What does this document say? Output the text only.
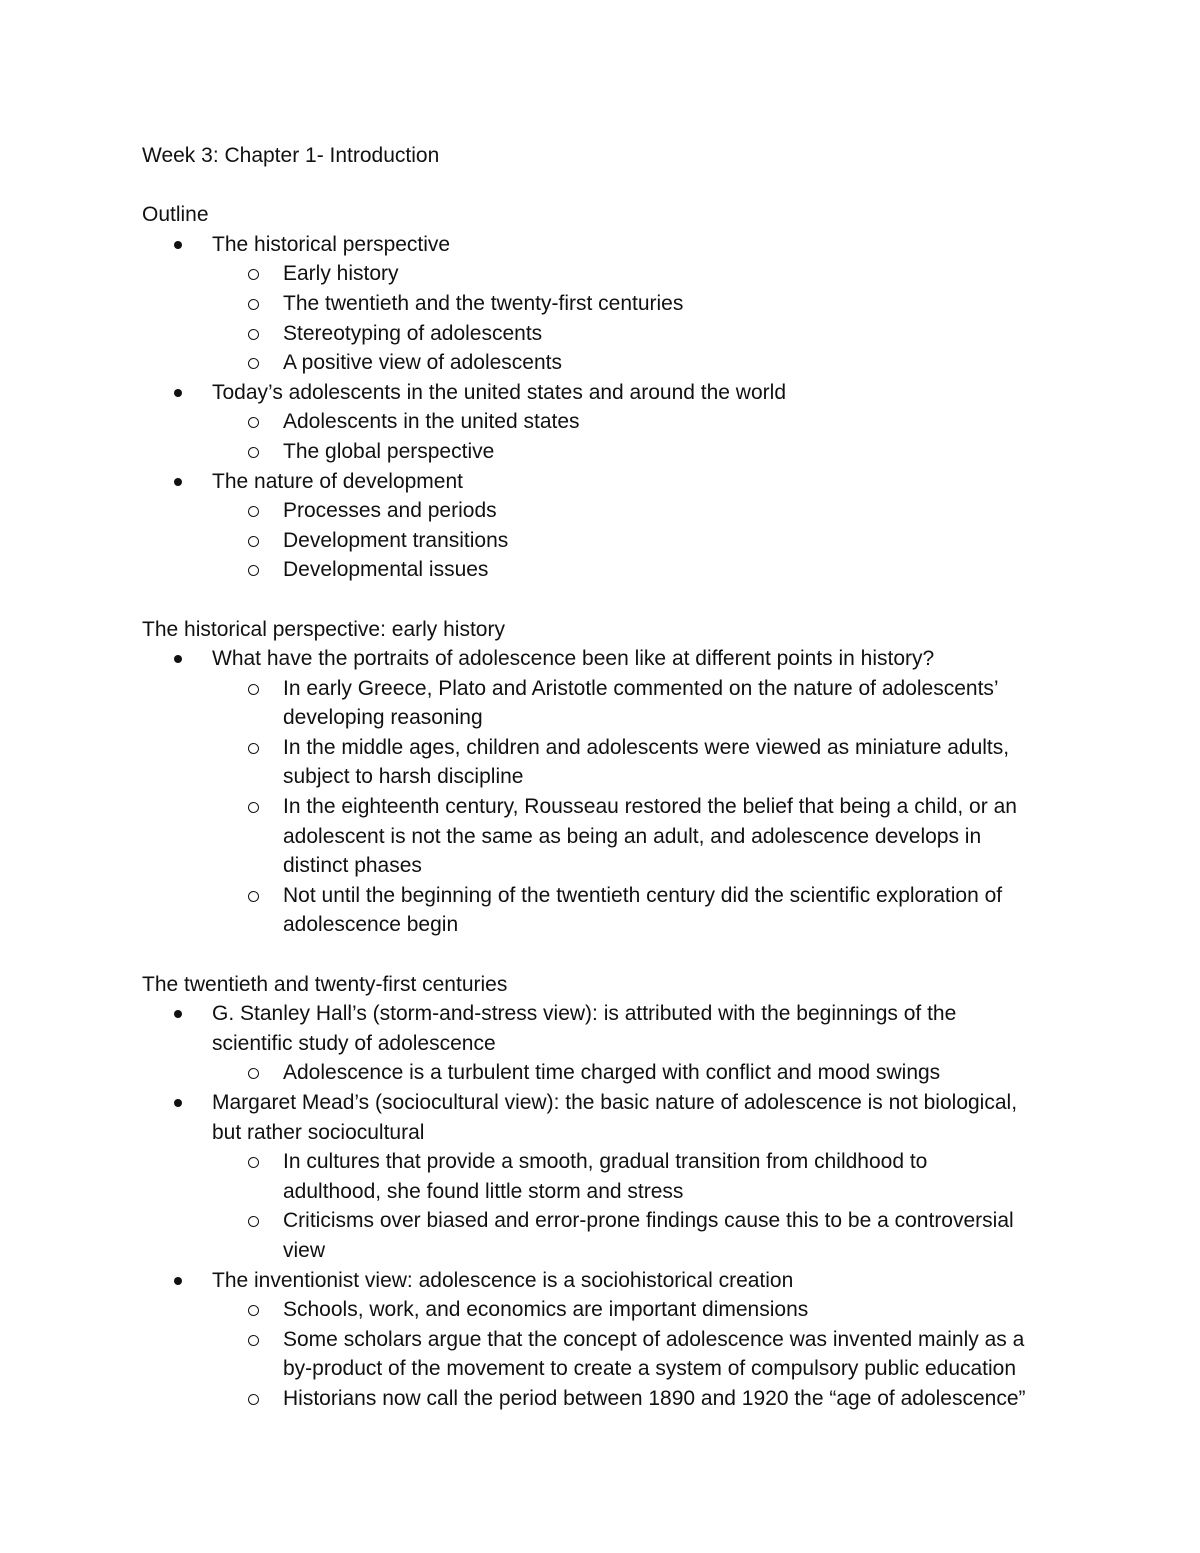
Week 3: Chapter 1- Introduction

Outline

The historical perspective
Early history
The twentieth and the twenty-first centuries
Stereotyping of adolescents
A positive view of adolescents
Today’s adolescents in the united states and around the world
Adolescents in the united states
The global perspective
The nature of development
Processes and periods
Development transitions
Developmental issues

The historical perspective: early history

What have the portraits of adolescence been like at different points in history?
In early Greece, Plato and Aristotle commented on the nature of adolescents’
developing reasoning
In the middle ages, children and adolescents were viewed as miniature adults,
subject to harsh discipline
In the eighteenth century, Rousseau restored the belief that being a child, or an
adolescent is not the same as being an adult, and adolescence develops in
distinct phases
Not until the beginning of the twentieth century did the scientific exploration of
adolescence begin

The twentieth and twenty-first centuries

G. Stanley Hall’s (storm-and-stress view): is attributed with the beginnings of the
scientific study of adolescence
Adolescence is a turbulent time charged with conflict and mood swings
Margaret Mead’s (sociocultural view): the basic nature of adolescence is not biological,
but rather sociocultural
In cultures that provide a smooth, gradual transition from childhood to
adulthood, she found little storm and stress
Criticisms over biased and error-prone findings cause this to be a controversial
view
The inventionist view: adolescence is a sociohistorical creation
Schools, work, and economics are important dimensions
Some scholars argue that the concept of adolescence was invented mainly as a
by-product of the movement to create a system of compulsory public education
Historians now call the period between 1890 and 1920 the “age of adolescence”
